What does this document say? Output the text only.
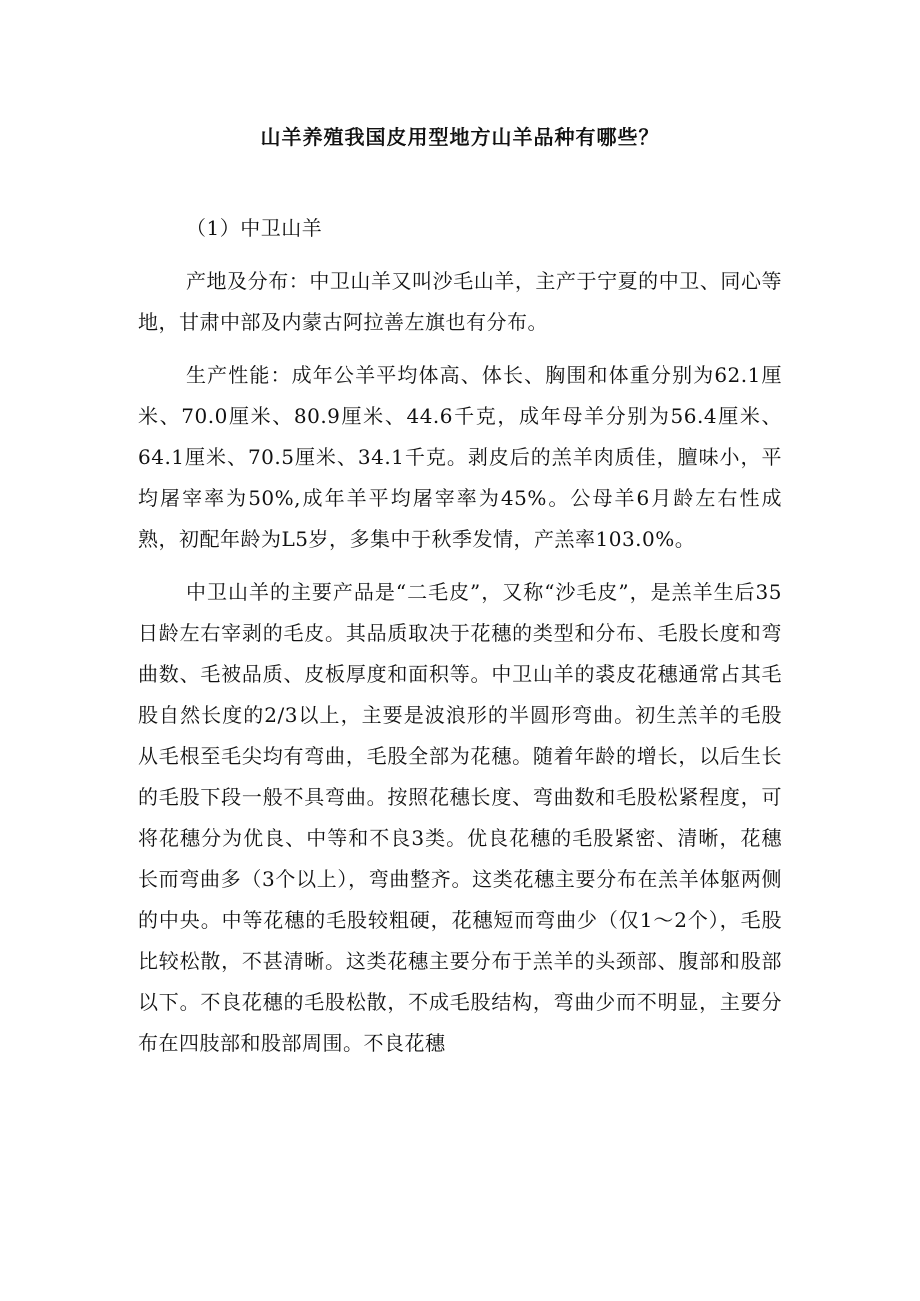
山羊养殖我国皮用型地方山羊品种有哪些？

（1）中卫山羊

产地及分布：中卫山羊又叫沙毛山羊，主产于宁夏的中卫、同心等地，甘肃中部及内蒙古阿拉善左旗也有分布。

生产性能：成年公羊平均体高、体长、胸围和体重分别为62.1厘米、70.0厘米、80.9厘米、44.6千克，成年母羊分别为56.4厘米、64.1厘米、70.5厘米、34.1千克。剥皮后的羔羊肉质佳，膻味小，平均屠宰率为50%,成年羊平均屠宰率为45%。公母羊6月龄左右性成熟，初配年龄为L5岁，多集中于秋季发情，产羔率103.0%。

中卫山羊的主要产品是“二毛皮”，又称“沙毛皮”，是羔羊生后35日龄左右宰剥的毛皮。其品质取决于花穗的类型和分布、毛股长度和弯曲数、毛被品质、皮板厚度和面积等。中卫山羊的裘皮花穗通常占其毛股自然长度的2/3以上，主要是波浪形的半圆形弯曲。初生羔羊的毛股从毛根至毛尖均有弯曲，毛股全部为花穗。随着年龄的增长，以后生长的毛股下段一般不具弯曲。按照花穗长度、弯曲数和毛股松紧程度，可将花穗分为优良、中等和不良3类。优良花穗的毛股紧密、清晰，花穗长而弯曲多（3个以上），弯曲整齐。这类花穗主要分布在羔羊体躯两侧的中央。中等花穗的毛股较粗硬，花穗短而弯曲少（仅1～2个），毛股比较松散，不甚清晰。这类花穗主要分布于羔羊的头颈部、腹部和股部以下。不良花穗的毛股松散，不成毛股结构，弯曲少而不明显，主要分布在四肢部和股部周围。不良花穗
